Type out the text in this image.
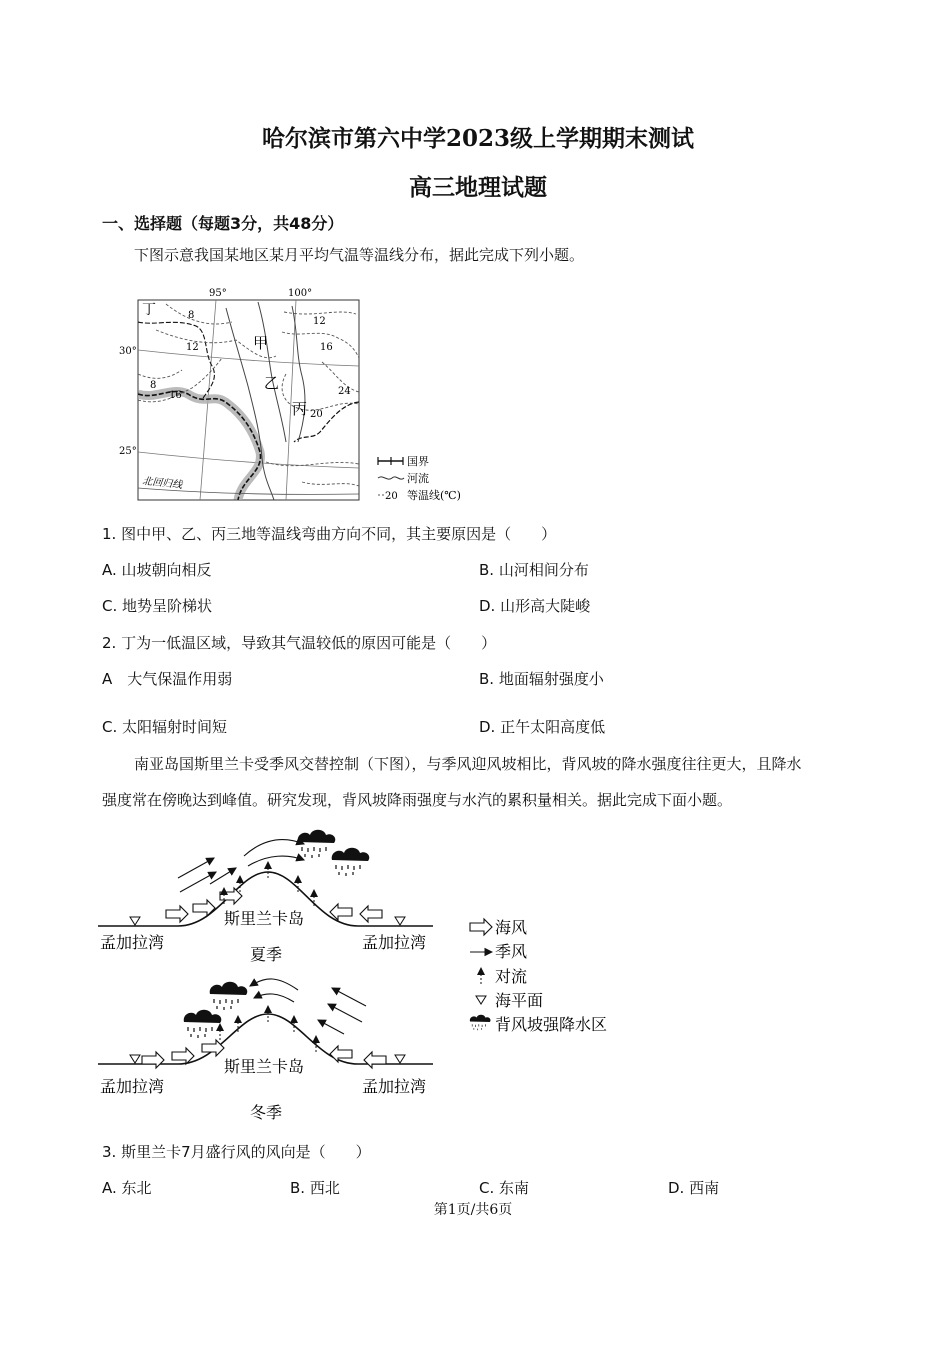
哈尔滨市第六中学2023级上学期期末测试
高三地理试题
一、选择题（每题3分，共48分）
下图示意我国某地区某月平均气温等温线分布，据此完成下列小题。
95°	100°
30°
25°
丁
甲
乙
丙
8
12
12
16
8
16
20
24
北回归线
国界
河流
20 等温线(℃)
1. 图中甲、乙、丙三地等温线弯曲方向不同，其主要原因是（　　）
A. 山坡朝向相反	B. 山河相间分布
C. 地势呈阶梯状	D. 山形高大陡峻
2. 丁为一低温区域，导致其气温较低的原因可能是（　　）
A　大气保温作用弱	B. 地面辐射强度小
C. 太阳辐射时间短	D. 正午太阳高度低
南亚岛国斯里兰卡受季风交替控制（下图），与季风迎风坡相比，背风坡的降水强度往往更大，且降水
强度常在傍晚达到峰值。研究发现，背风坡降雨强度与水汽的累积量相关。据此完成下面小题。
斯里兰卡岛
孟加拉湾	孟加拉湾
夏季
斯里兰卡岛
孟加拉湾	孟加拉湾
冬季
海风
季风
对流
海平面
背风坡强降水区
3. 斯里兰卡7月盛行风的风向是（　　）
A. 东北	B. 西北	C. 东南	D. 西南
第1页/共6页
